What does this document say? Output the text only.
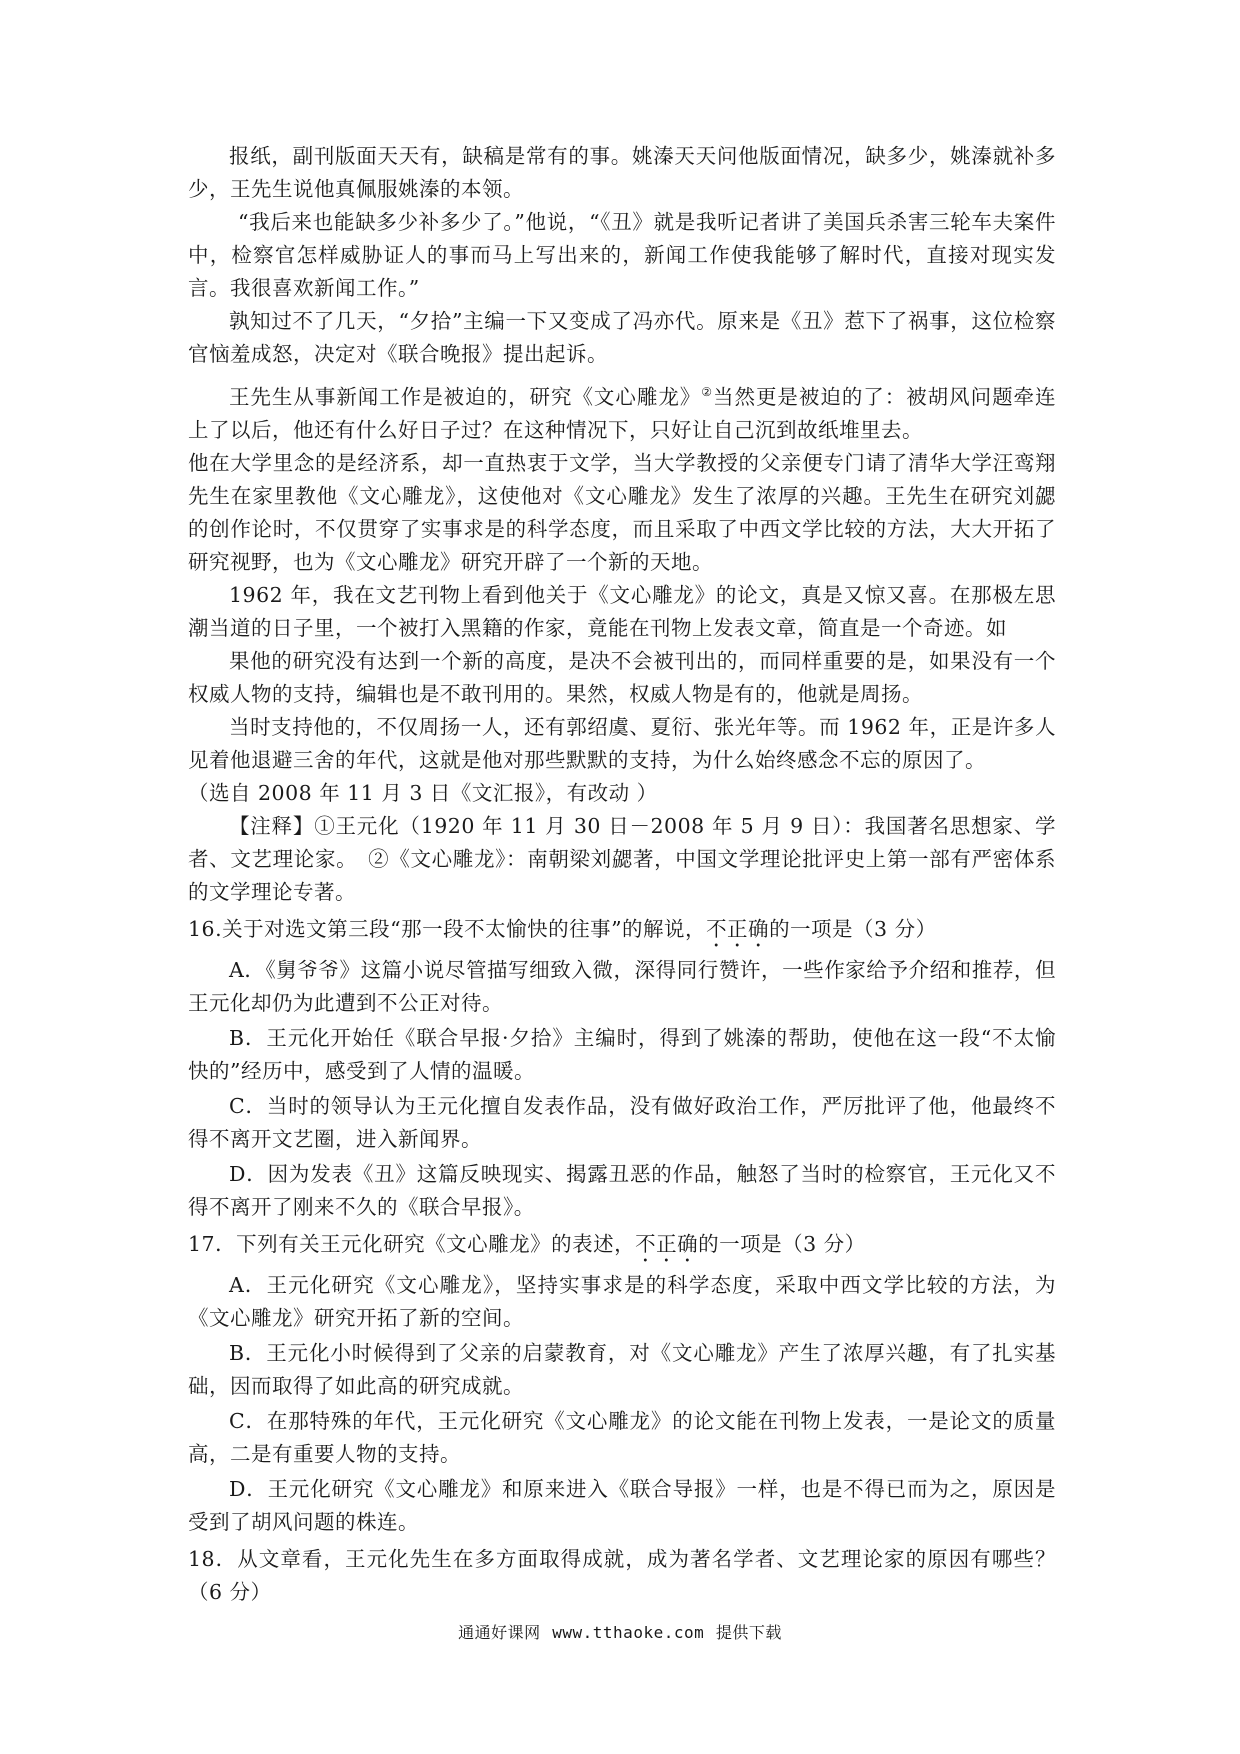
报纸，副刊版面天天有，缺稿是常有的事。姚溱天天问他版面情况，缺多少，姚溱就补多少，王先生说他真佩服姚溱的本领。

“我后来也能缺多少补多少了。”他说，“《丑》就是我听记者讲了美国兵杀害三轮车夫案件中，检察官怎样威胁证人的事而马上写出来的，新闻工作使我能够了解时代，直接对现实发言。我很喜欢新闻工作。”

孰知过不了几天，“夕拾”主编一下又变成了冯亦代。原来是《丑》惹下了祸事，这位检察官恼羞成怒，决定对《联合晚报》提出起诉。

王先生从事新闻工作是被迫的，研究《文心雕龙》②当然更是被迫的了：被胡风问题牵连上了以后，他还有什么好日子过？在这种情况下，只好让自己沉到故纸堆里去。

他在大学里念的是经济系，却一直热衷于文学，当大学教授的父亲便专门请了清华大学汪鸾翔先生在家里教他《文心雕龙》，这使他对《文心雕龙》发生了浓厚的兴趣。王先生在研究刘勰的创作论时，不仅贯穿了实事求是的科学态度，而且采取了中西文学比较的方法，大大开拓了研究视野，也为《文心雕龙》研究开辟了一个新的天地。

1962 年，我在文艺刊物上看到他关于《文心雕龙》的论文，真是又惊又喜。在那极左思潮当道的日子里，一个被打入黑籍的作家，竟能在刊物上发表文章，简直是一个奇迹。如

果他的研究没有达到一个新的高度，是决不会被刊出的，而同样重要的是，如果没有一个权威人物的支持，编辑也是不敢刊用的。果然，权威人物是有的，他就是周扬。

当时支持他的，不仅周扬一人，还有郭绍虞、夏衍、张光年等。而 1962 年，正是许多人见着他退避三舍的年代，这就是他对那些默默的支持，为什么始终感念不忘的原因了。

（选自 2008 年 11 月 3 日《文汇报》，有改动 ）

【注释】①王元化（1920 年 11 月 30 日－2008 年 5 月 9 日）：我国著名思想家、学者、文艺理论家。　②《文心雕龙》：南朝梁刘勰著，中国文学理论批评史上第一部有严密体系的文学理论专著。

16.关于对选文第三段“那一段不太愉快的往事”的解说，不正确的一项是（3 分）

A．《舅爷爷》这篇小说尽管描写细致入微，深得同行赞许，一些作家给予介绍和推荐，但王元化却仍为此遭到不公正对待。

B．王元化开始任《联合早报·夕拾》主编时，得到了姚溱的帮助，使他在这一段“不太愉快的”经历中，感受到了人情的温暖。

C．当时的领导认为王元化擅自发表作品，没有做好政治工作，严厉批评了他，他最终不得不离开文艺圈，进入新闻界。

D．因为发表《丑》这篇反映现实、揭露丑恶的作品，触怒了当时的检察官，王元化又不得不离开了刚来不久的《联合早报》。

17．下列有关王元化研究《文心雕龙》的表述，不正确的一项是（3 分）

A．王元化研究《文心雕龙》，坚持实事求是的科学态度，采取中西文学比较的方法，为《文心雕龙》研究开拓了新的空间。

B．王元化小时候得到了父亲的启蒙教育，对《文心雕龙》产生了浓厚兴趣，有了扎实基础，因而取得了如此高的研究成就。

C．在那特殊的年代，王元化研究《文心雕龙》的论文能在刊物上发表，一是论文的质量高，二是有重要人物的支持。

D．王元化研究《文心雕龙》和原来进入《联合导报》一样，也是不得已而为之，原因是受到了胡风问题的株连。

18．从文章看，王元化先生在多方面取得成就，成为著名学者、文艺理论家的原因有哪些？（6 分）

通通好课网 www.tthaoke.com 提供下载
